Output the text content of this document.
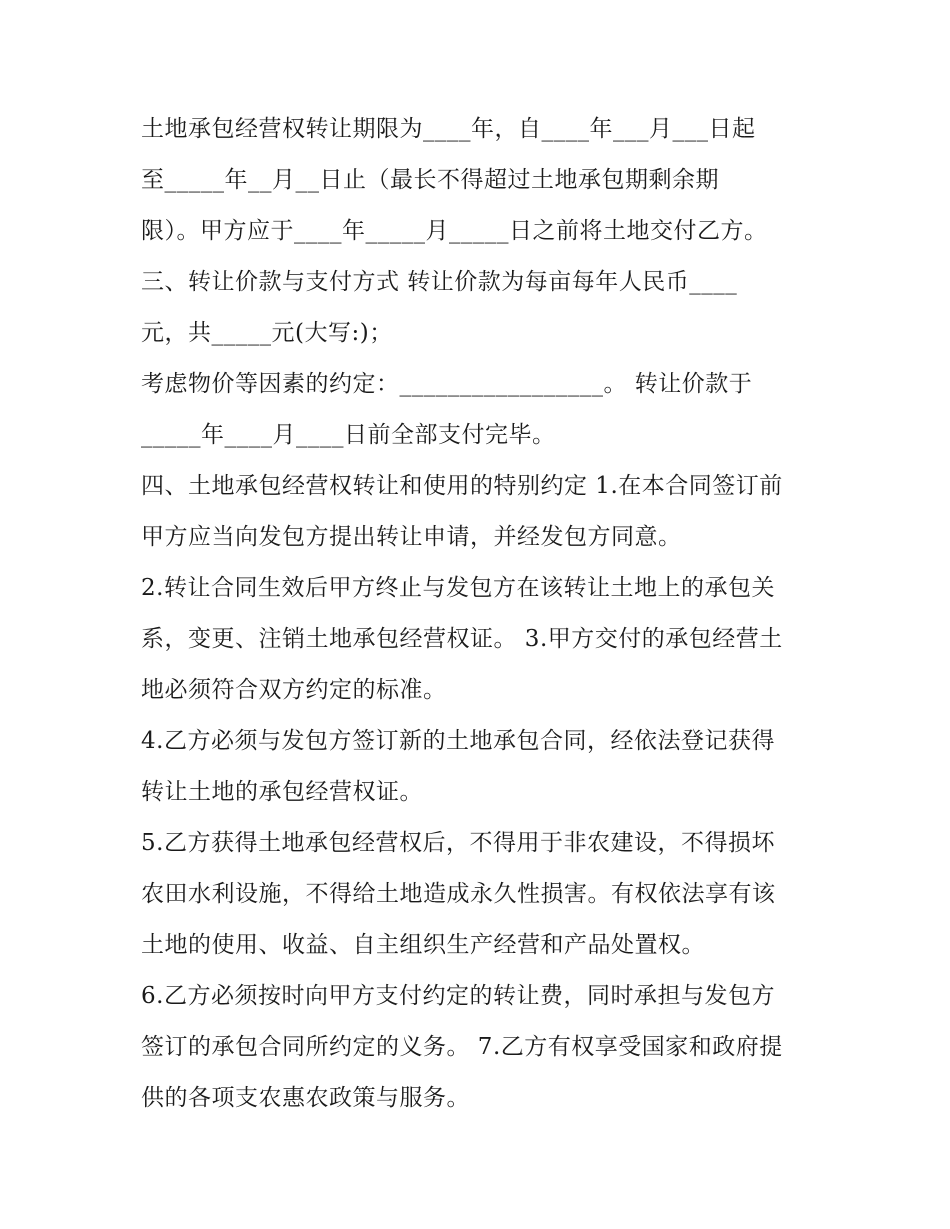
土地承包经营权转让期限为____年，自____年___月___日起
至_____年__月__日止（最长不得超过土地承包期剩余期
限）。甲方应于____年_____月_____日之前将土地交付乙方。
三、转让价款与支付方式 转让价款为每亩每年人民币____
元，共_____元(大写:)；
考虑物价等因素的约定：_________________。 转让价款于
_____年____月____日前全部支付完毕。
四、土地承包经营权转让和使用的特别约定 1.在本合同签订前
甲方应当向发包方提出转让申请，并经发包方同意。
2.转让合同生效后甲方终止与发包方在该转让土地上的承包关
系，变更、注销土地承包经营权证。 3.甲方交付的承包经营土
地必须符合双方约定的标准。
4.乙方必须与发包方签订新的土地承包合同，经依法登记获得
转让土地的承包经营权证。
5.乙方获得土地承包经营权后，不得用于非农建设，不得损坏
农田水利设施，不得给土地造成永久性损害。有权依法享有该
土地的使用、收益、自主组织生产经营和产品处置权。
6.乙方必须按时向甲方支付约定的转让费，同时承担与发包方
签订的承包合同所约定的义务。 7.乙方有权享受国家和政府提
供的各项支农惠农政策与服务。
